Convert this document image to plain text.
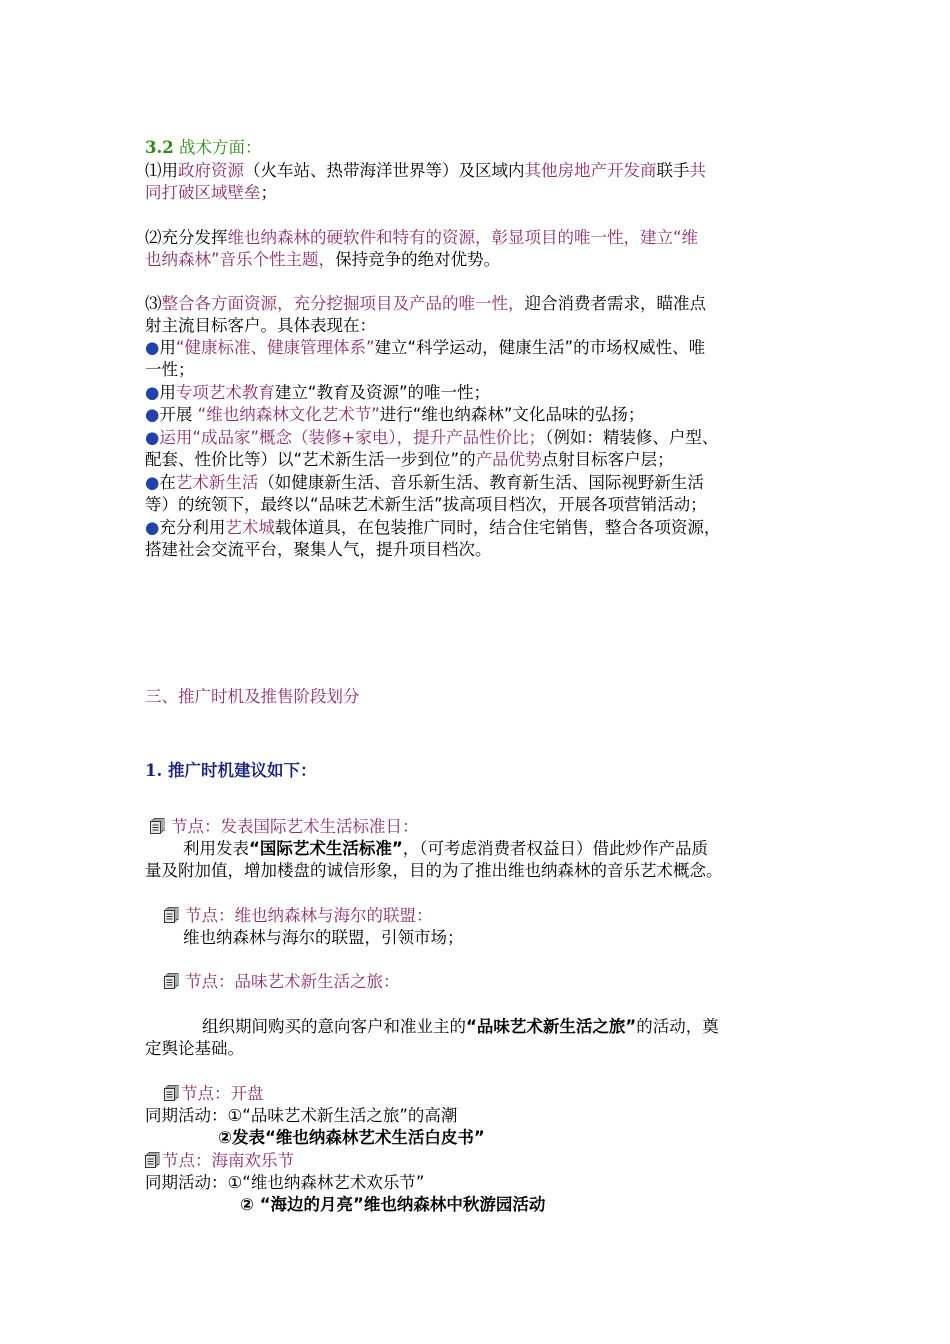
3.2 战术方面：
⑴用政府资源（火车站、热带海洋世界等）及区域内其他房地产开发商联手共
同打破区域壁垒；
⑵充分发挥维也纳森林的硬软件和特有的资源，彰显项目的唯一性，建立“维
也纳森林”音乐个性主题，保持竞争的绝对优势。
⑶整合各方面资源，充分挖掘项目及产品的唯一性，迎合消费者需求，瞄准点
射主流目标客户。具体表现在：
●用“健康标准、健康管理体系”建立“科学运动，健康生活”的市场权威性、唯
一性；
●用专项艺术教育建立“教育及资源”的唯一性；
●开展 “维也纳森林文化艺术节”进行“维也纳森林”文化品味的弘扬；
●运用“成品家”概念（装修+家电），提升产品性价比；（例如：精装修、户型、
配套、性价比等）以“艺术新生活一步到位”的产品优势点射目标客户层；
●在艺术新生活（如健康新生活、音乐新生活、教育新生活、国际视野新生活
等）的统领下，最终以“品味艺术新生活”拔高项目档次，开展各项营销活动；
●充分利用艺术城载体道具，在包装推广同时，结合住宅销售，整合各项资源，
搭建社会交流平台，聚集人气，提升项目档次。
三、推广时机及推售阶段划分
1. 推广时机建议如下：
节点：发表国际艺术生活标准日：
利用发表“国际艺术生活标准”，（可考虑消费者权益日）借此炒作产品质
量及附加值，增加楼盘的诚信形象，目的为了推出维也纳森林的音乐艺术概念。
节点：维也纳森林与海尔的联盟：
维也纳森林与海尔的联盟，引领市场；
节点：品味艺术新生活之旅：
组织期间购买的意向客户和准业主的“品味艺术新生活之旅”的活动，奠
定舆论基础。
节点：开盘
同期活动：①“品味艺术新生活之旅”的高潮
②发表“维也纳森林艺术生活白皮书”
节点：海南欢乐节
同期活动：①“维也纳森林艺术欢乐节”
② “海边的月亮”维也纳森林中秋游园活动
